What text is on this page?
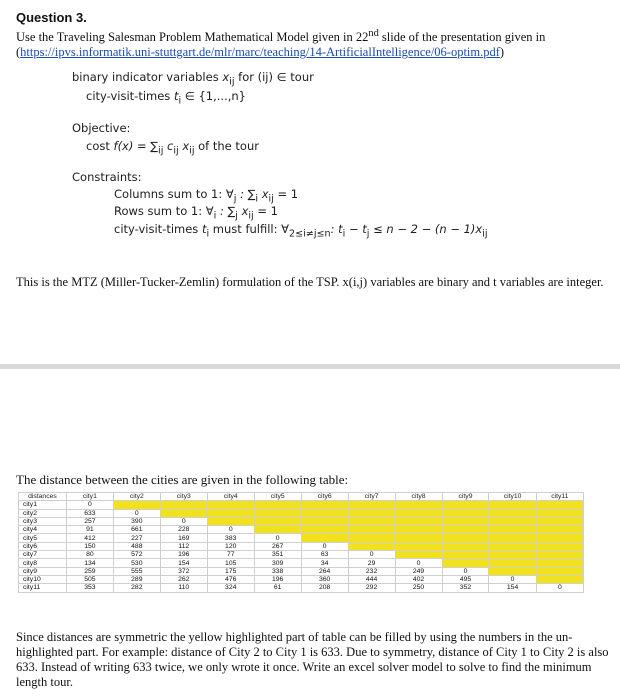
Question 3.
Use the Traveling Salesman Problem Mathematical Model given in 22nd slide of the presentation given in
(https://ipvs.informatik.uni-stuttgart.de/mlr/marc/teaching/14-ArtificialIntelligence/06-optim.pdf)
binary indicator variables $x_{ij}$ for (ij) ∈ tour
city-visit-times $t_i$ ∈ {1,...,n}
Objective:
cost $f(x) = \sum_{ij}$ $c_{ij}$ $x_{ij}$ of the tour
Constraints:
Columns sum to 1: $\forall_j$ : $\sum_i$ $x_{ij} = 1$
Rows sum to 1: $\forall_i$ : $\sum_j$ $x_{ij} = 1$
city-visit-times $t_i$ must fulfill: $\forall_{2\le i\ne j\le n}$: $t_i - t_j \le n - 2 - (n - 1)x_{ij}$
This is the MTZ (Miller-Tucker-Zemlin) formulation of the TSP. x(i,j) variables are binary and t variables are integer.
The distance between the cities are given in the following table:
distances	city1	city2	city3	city4	city5	city6	city7	city8	city9	city10	city11
city1	0										
city2	633	0									
city3	257	390	0								
city4	91	661	228	0							
city5	412	227	169	383	0						
city6	150	488	112	120	267	0					
city7	80	572	196	77	351	63	0				
city8	134	530	154	105	309	34	29	0			
city9	259	555	372	175	338	264	232	249	0		
city10	505	289	262	476	196	360	444	402	495	0	
city11	353	282	110	324	61	208	292	250	352	154	0
Since distances are symmetric the yellow highlighted part of table can be filled by using the numbers in the un-highlighted part. For example: distance of City 2 to City 1 is 633. Due to symmetry, distance of City 1 to City 2 is also 633. Instead of writing 633 twice, we only wrote it once. Write an excel solver model to solve to find the minimum length tour.
